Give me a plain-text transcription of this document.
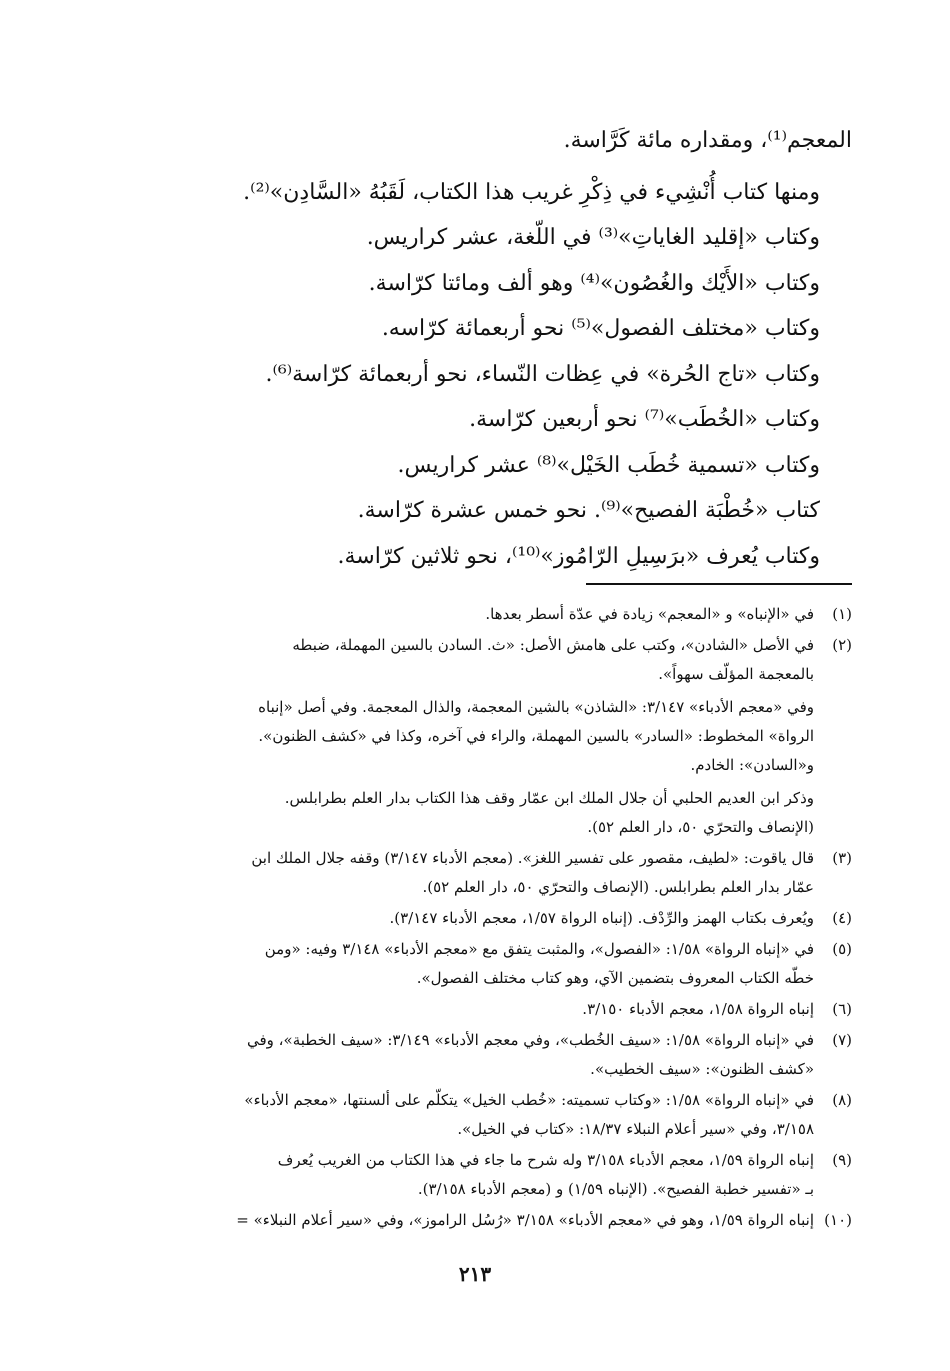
المعجم⁽¹⁾، ومقداره مائة كَرَّاسة.
ومنها كتاب أُنْشِيء في ذِكْرِ غريب هذا الكتاب، لَقَبُهُ «السَّادِن»⁽²⁾.
وكتاب «إقليد الغاياتِ»⁽³⁾ في اللّغة، عشر كراريس.
وكتاب «الأَيْك والغُصُون»⁽⁴⁾ وهو ألف ومائتا كرّاسة.
وكتاب «مختلف الفصول»⁽⁵⁾ نحو أربعمائة كرّاسه.
وكتاب «تاج الحُرة» في عِظات النّساء، نحو أربعمائة كرّاسة⁽⁶⁾.
وكتاب «الخُطَب»⁽⁷⁾ نحو أربعين كرّاسة.
وكتاب «تسمية خُطَب الخَيْل»⁽⁸⁾ عشر كراريس.
كتاب «خُطْبَة الفصيح»⁽⁹⁾. نحو خمس عشرة كرّاسة.
وكتاب يُعرف «برَسِيلِ الرّامُوز»⁽¹⁰⁾، نحو ثلاثين كرّاسة.
(١)
في «الإنباه» و «المعجم» زيادة في عدّة أسطر بعدها.
(٢)
في الأصل «الشادن»، وكتب على هامش الأصل: «ث. السادن بالسين المهملة، ضبطه
بالمعجمة المؤلّف سهواً».
وفي «معجم الأدباء» ٣/١٤٧: «الشاذن» بالشين المعجمة، والذال المعجمة. وفي أصل «إنباه
الرواة» المخطوط: «السادر» بالسين المهملة، والراء في آخره، وكذا في «كشف الظنون».
و«السادن»: الخادم.
وذكر ابن العديم الحلبي أن جلال الملك ابن عمّار وقف هذا الكتاب بدار العلم بطرابلس.
(الإنصاف والتحرّي ٥٠، دار العلم ٥٢).
(٣)
قال ياقوت: «لطيف، مقصور على تفسير اللغز». (معجم الأدباء ٣/١٤٧) وقفه جلال الملك ابن
عمّار بدار العلم بطرابلس. (الإنصاف والتحرّي ٥٠، دار العلم ٥٢).
(٤)
ويُعرف بكتاب الهمز والرِّدْف. (إنباه الرواة ١/٥٧، معجم الأدباء ٣/١٤٧).
(٥)
في «إنباه الرواة» ١/٥٨: «الفصول»، والمثبت يتفق مع «معجم الأدباء» ٣/١٤٨ وفيه: «ومن
خطّه الكتاب المعروف بتضمين الآي، وهو كتاب مختلف الفصول».
(٦)
إنباه الرواة ١/٥٨، معجم الأدباء ٣/١٥٠.
(٧)
في «إنباه الرواة» ١/٥٨: «سيف الخُطب»، وفي معجم الأدباء» ٣/١٤٩: «سيف الخطبة»، وفي
«كشف الظنون»: «سيف الخطيب».
(٨)
في «إنباه الرواة» ١/٥٨: «وكتاب تسميته: «خُطب الخيل» يتكلّم على ألسنتها، «معجم الأدباء»
٣/١٥٨، وفي «سير أعلام النبلاء ١٨/٣٧: «كتاب في الخيل».
(٩)
إنباه الرواة ١/٥٩، معجم الأدباء ٣/١٥٨ وله شرح ما جاء في هذا الكتاب من الغريب يُعرف
بـ «تفسير خطبة الفصيح». (الإنباه ١/٥٩) و (معجم الأدباء ٣/١٥٨).
(١٠)
إنباه الرواة ١/٥٩، وهو في «معجم الأدباء» ٣/١٥٨ «رُسُل الراموز»، وفي «سير أعلام النبلاء» =
٢١٣
